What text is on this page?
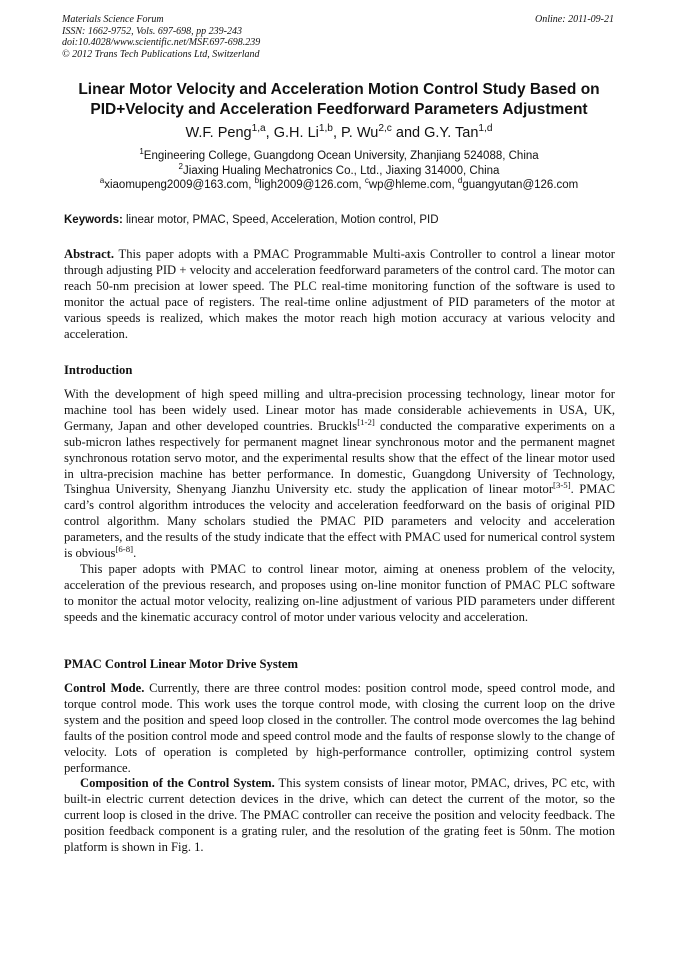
Materials Science Forum
ISSN: 1662-9752, Vols. 697-698, pp 239-243
doi:10.4028/www.scientific.net/MSF.697-698.239
© 2012 Trans Tech Publications Ltd, Switzerland
Online: 2011-09-21
Linear Motor Velocity and Acceleration Motion Control Study Based on
PID+Velocity and Acceleration Feedforward Parameters Adjustment
W.F. Peng$^{1,a}$, G.H. Li$^{1,b}$, P. Wu$^{2,c}$ and G.Y. Tan$^{1,d}$
$^1$Engineering College, Guangdong Ocean University, Zhanjiang 524088, China
$^2$Jiaxing Hualing Mechatronics Co., Ltd., Jiaxing 314000, China
$^a$xiaomupeng2009@163.com, $^b$ligh2009@126.com, $^c$wp@hleme.com, $^d$guangyutan@126.com
Keywords: linear motor, PMAC, Speed, Acceleration, Motion control, PID

Abstract. This paper adopts with a PMAC Programmable Multi-axis Controller to control a linear motor through adjusting PID + velocity and acceleration feedforward parameters of the control card. The motor can reach 50-nm precision at lower speed. The PLC real-time monitoring function of the software is used to monitor the actual pace of registers. The real-time online adjustment of PID parameters of the motor at various speeds is realized, which makes the motor reach high motion accuracy at various velocity and acceleration.

Introduction

With the development of high speed milling and ultra-precision processing technology, linear motor for machine tool has been widely used. Linear motor has made considerable achievements in USA, UK, Germany, Japan and other developed countries. Bruckls[1-2] conducted the comparative experiments on a sub-micron lathes respectively for permanent magnet linear synchronous motor and the permanent magnet synchronous rotation servo motor, and the experimental results show that the effect of the linear motor used in ultra-precision machine has better performance. In domestic, Guangdong University of Technology, Tsinghua University, Shenyang Jianzhu University etc. study the application of linear motor[3-5]. PMAC card’s control algorithm introduces the velocity and acceleration feedforward on the basis of original PID control algorithm. Many scholars studied the PMAC PID parameters and velocity and acceleration parameters, and the results of the study indicate that the effect with PMAC used for numerical control system is obvious[6-8].

This paper adopts with PMAC to control linear motor, aiming at oneness problem of the velocity, acceleration of the previous research, and proposes using on-line monitor function of PMAC PLC software to monitor the actual motor velocity, realizing on-line adjustment of various PID parameters under different speeds and the kinematic accuracy control of motor under various velocity and acceleration.

PMAC Control Linear Motor Drive System

Control Mode. Currently, there are three control modes: position control mode, speed control mode, and torque control mode. This work uses the torque control mode, with closing the current loop on the drive system and the position and speed loop closed in the controller. The control mode overcomes the lag behind faults of the position control mode and speed control mode and the faults of response slowly to the change of velocity. Lots of operation is completed by high-performance controller, optimizing control system performance.

Composition of the Control System. This system consists of linear motor, PMAC, drives, PC etc, with built-in electric current detection devices in the drive, which can detect the current of the motor, so the current loop is closed in the drive. The PMAC controller can receive the position and velocity feedback. The position feedback component is a grating ruler, and the resolution of the grating feet is 50nm. The motion platform is shown in Fig. 1.
